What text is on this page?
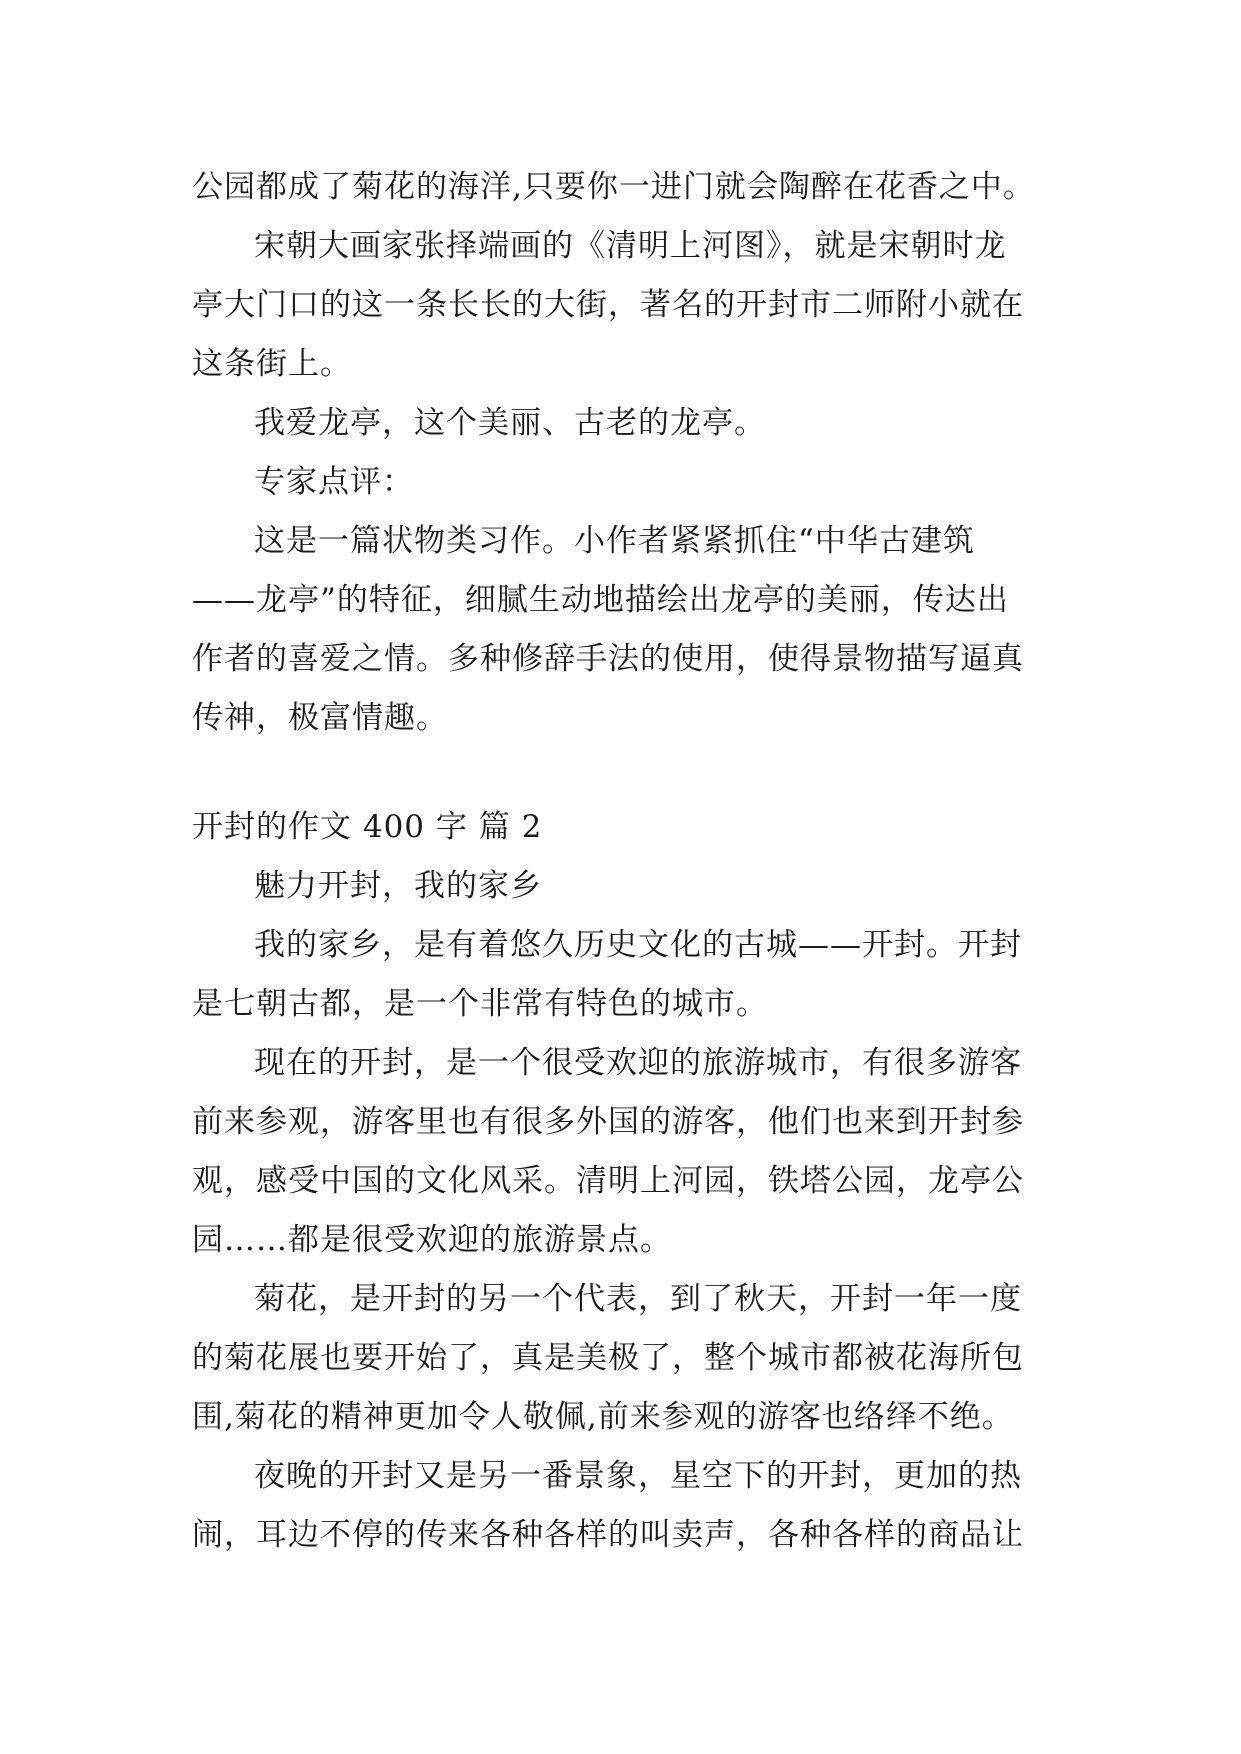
公园都成了菊花的海洋,只要你一进门就会陶醉在花香之中。

宋朝大画家张择端画的《清明上河图》，就是宋朝时龙

亭大门口的这一条长长的大街，著名的开封市二师附小就在

这条街上。

我爱龙亭，这个美丽、古老的龙亭。

专家点评：

这是一篇状物类习作。小作者紧紧抓住“中华古建筑

——龙亭”的特征，细腻生动地描绘出龙亭的美丽，传达出

作者的喜爱之情。多种修辞手法的使用，使得景物描写逼真

传神，极富情趣。

开封的作文 400 字 篇 2

魅力开封，我的家乡

我的家乡，是有着悠久历史文化的古城——开封。开封

是七朝古都，是一个非常有特色的城市。

现在的开封，是一个很受欢迎的旅游城市，有很多游客

前来参观，游客里也有很多外国的游客，他们也来到开封参

观，感受中国的文化风采。清明上河园，铁塔公园，龙亭公

园……都是很受欢迎的旅游景点。

菊花，是开封的另一个代表，到了秋天，开封一年一度

的菊花展也要开始了，真是美极了，整个城市都被花海所包

围,菊花的精神更加令人敬佩,前来参观的游客也络绎不绝。

夜晚的开封又是另一番景象，星空下的开封，更加的热

闹，耳边不停的传来各种各样的叫卖声，各种各样的商品让
